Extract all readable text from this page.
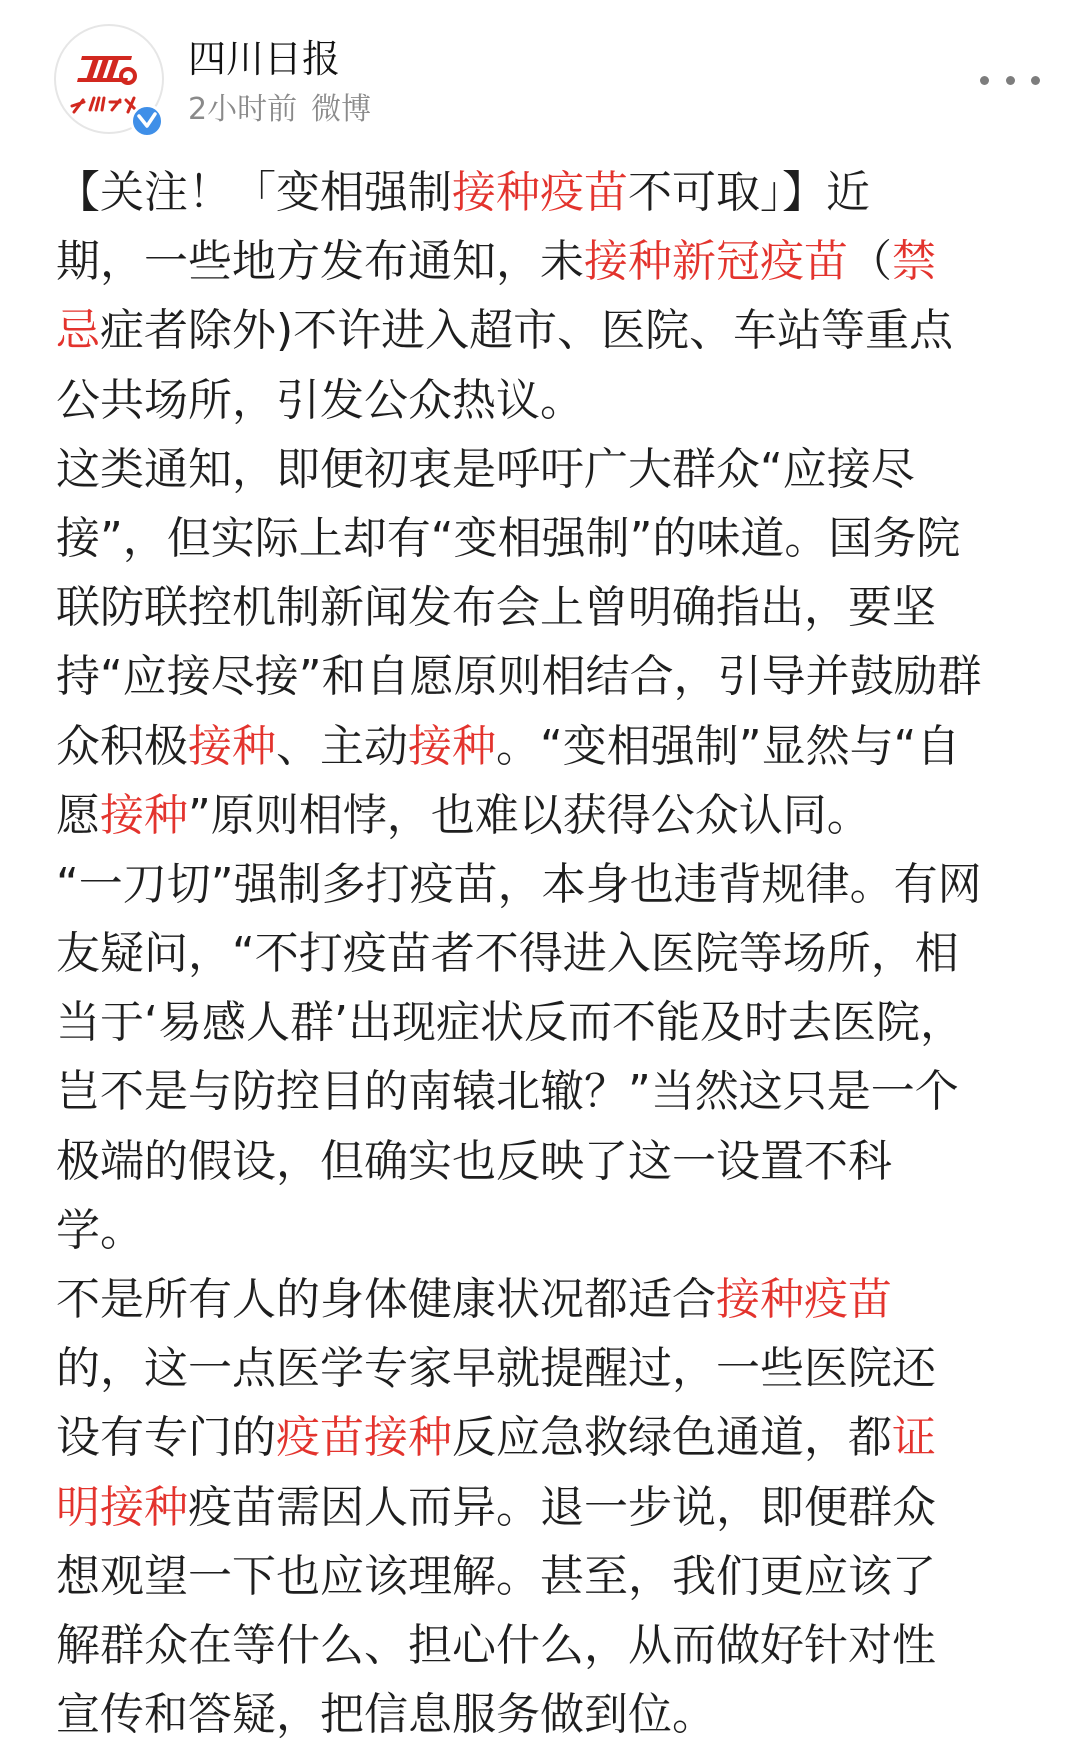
四川日报
2小时前 微博
【关注！「变相强制接种疫苗不可取」】近
期，一些地方发布通知，未接种新冠疫苗（禁
忌症者除外)不许进入超市、医院、车站等重点
公共场所，引发公众热议。
这类通知，即便初衷是呼吁广大群众“应接尽
接”，但实际上却有“变相强制”的味道。国务院
联防联控机制新闻发布会上曾明确指出，要坚
持“应接尽接”和自愿原则相结合，引导并鼓励群
众积极接种、主动接种。“变相强制”显然与“自
愿接种”原则相悖，也难以获得公众认同。
“一刀切”强制多打疫苗，本身也违背规律。有网
友疑问，“不打疫苗者不得进入医院等场所，相
当于‘易感人群’出现症状反而不能及时去医院，
岂不是与防控目的南辕北辙？”当然这只是一个
极端的假设，但确实也反映了这一设置不科
学。
不是所有人的身体健康状况都适合接种疫苗
的，这一点医学专家早就提醒过，一些医院还
设有专门的疫苗接种反应急救绿色通道，都证
明接种疫苗需因人而异。退一步说，即便群众
想观望一下也应该理解。甚至，我们更应该了
解群众在等什么、担心什么，从而做好针对性
宣传和答疑，把信息服务做到位。
